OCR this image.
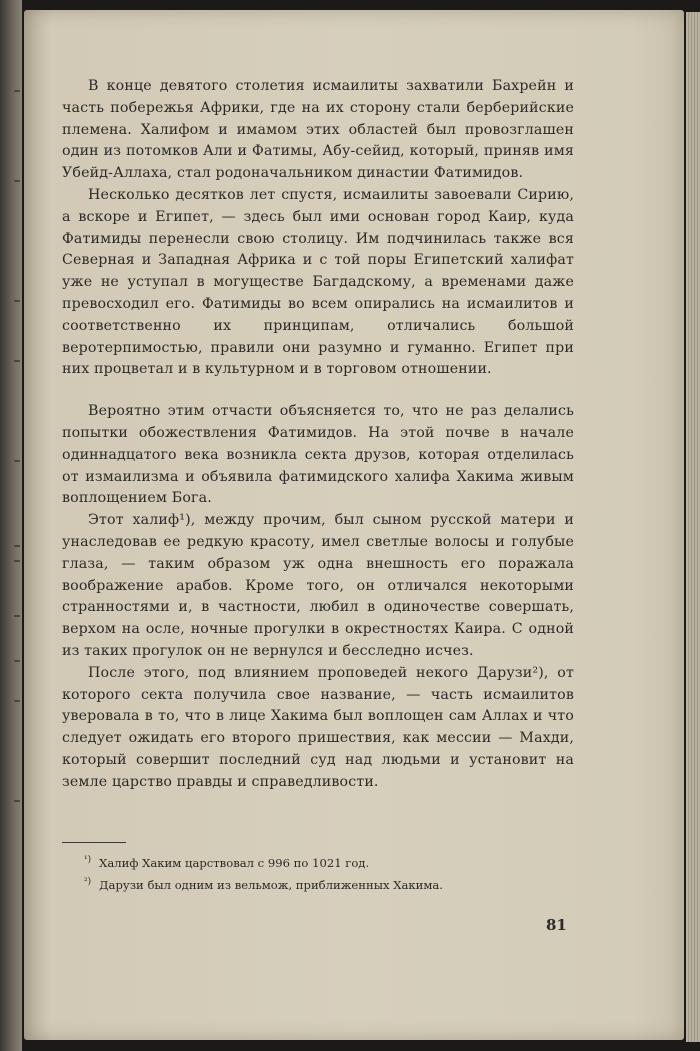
В конце девятого столетия исмаилиты захватили Бахрейн и часть побережья Африки, где на их сторону стали берберийские племена. Халифом и имамом этих областей был провозглашен один из потомков Али и Фатимы, Абу-сейид, который, приняв имя Убейд-Аллаха, стал родоначальником династии Фатимидов.

Несколько десятков лет спустя, исмаилиты завоевали Сирию, а вскоре и Египет, — здесь был ими основан город Каир, куда Фатимиды перенесли свою столицу. Им подчинилась также вся Северная и Западная Африка и с той поры Египетский халифат уже не уступал в могуществе Багдадскому, а временами даже превосходил его. Фатимиды во всем опирались на исмаилитов и соответственно их принципам, отличались большой веротерпимостью, правили они разумно и гуманно. Египет при них процветал и в культурном и в торговом отношении.

Вероятно этим отчасти объясняется то, что не раз делались попытки обожествления Фатимидов. На этой почве в начале одиннадцатого века возникла секта друзов, которая отделилась от измаилизма и объявила фатимидского халифа Хакима живым воплощением Бога.

Этот халиф¹), между прочим, был сыном русской матери и унаследовав ее редкую красоту, имел светлые волосы и голубые глаза, — таким образом уж одна внешность его поражала воображение арабов. Кроме того, он отличался некоторыми странностями и, в частности, любил в одиночестве совершать, верхом на осле, ночные прогулки в окрестностях Каира. С одной из таких прогулок он не вернулся и бесследно исчез.

После этого, под влиянием проповедей некого Дарузи²), от которого секта получила свое название, — часть исмаилитов уверовала в то, что в лице Хакима был воплощен сам Аллах и что следует ожидать его второго пришествия, как мессии — Махди, который совершит последний суд над людьми и установит на земле царство правды и справедливости.

$^{^1)}$ Халиф Хаким царствовал с 996 по 1021 год.

$^{^2)}$ Дарузи был одним из вельмож, приближенных Хакима.

81
